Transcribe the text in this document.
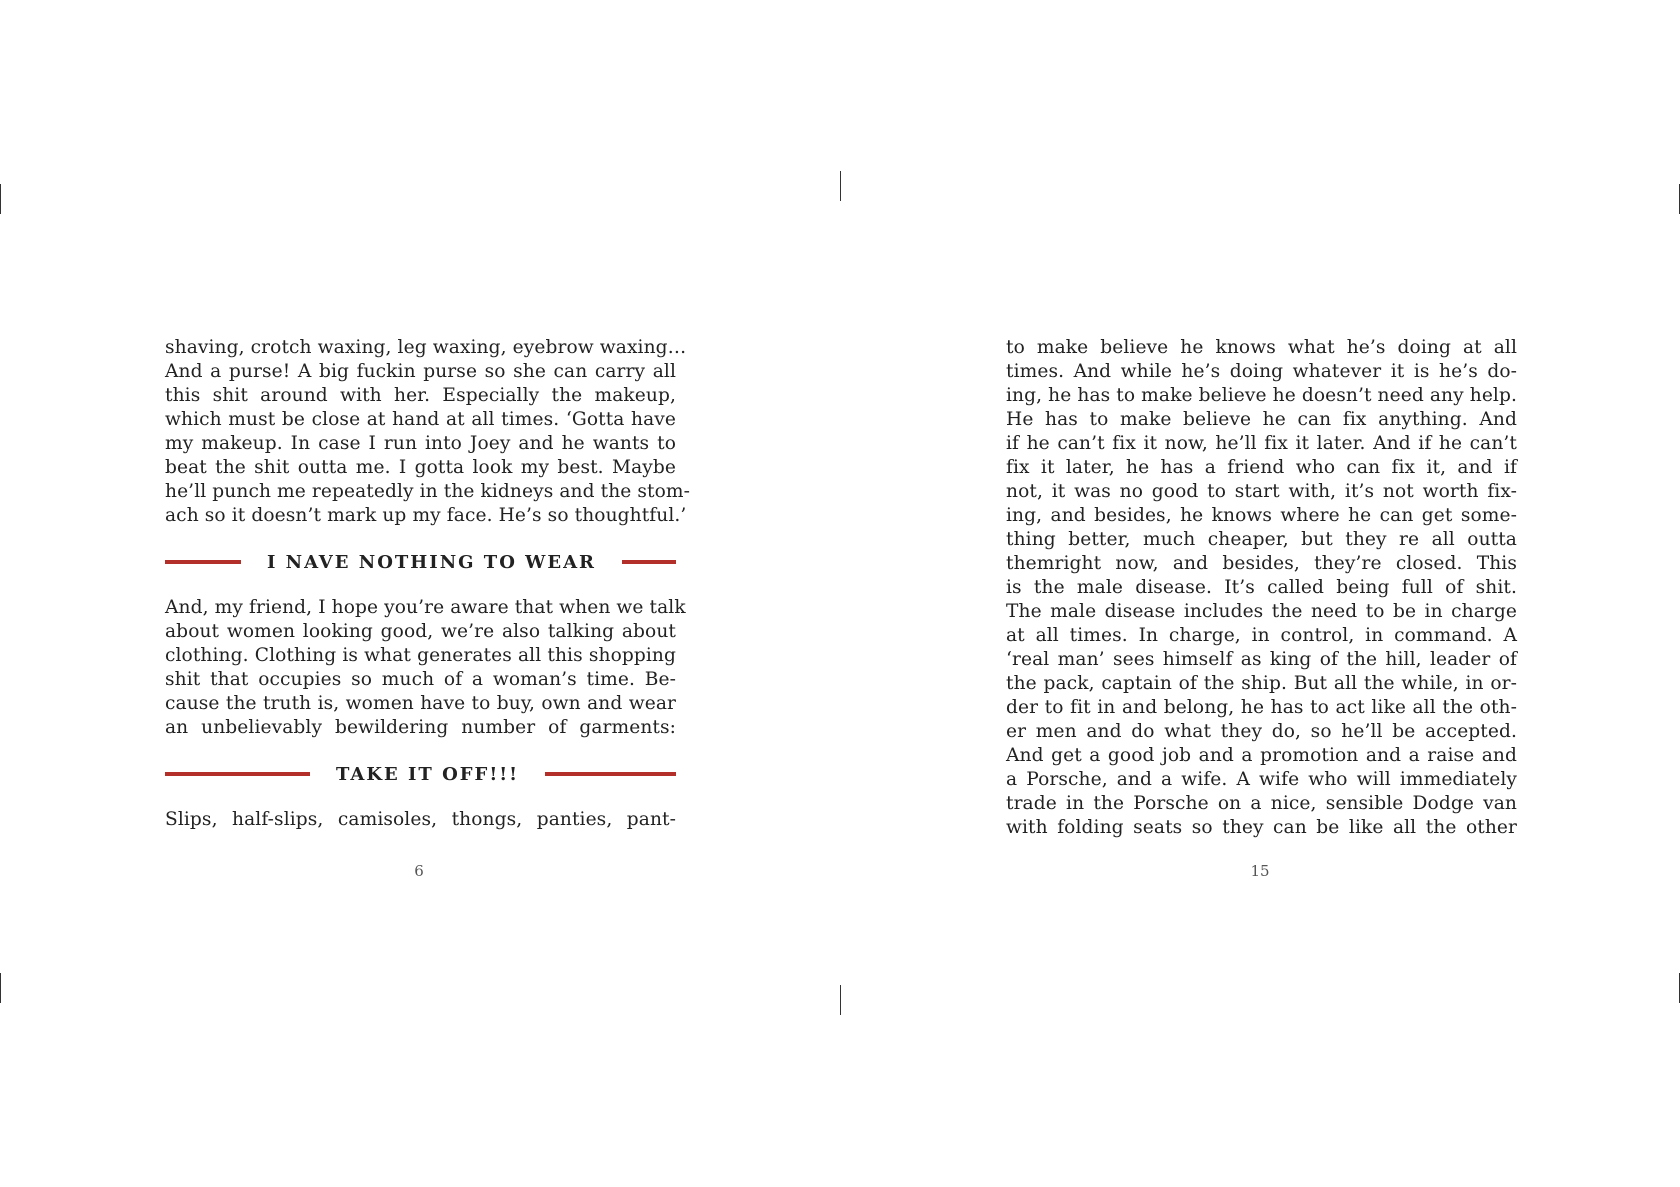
shaving, crotch waxing, leg waxing, eyebrow waxing…
And a purse! A big fuckin purse so she can carry all
this shit around with her. Especially the makeup,
which must be close at hand at all times. ‘Gotta have
my makeup. In case I run into Joey and he wants to
beat the shit outta me. I gotta look my best. Maybe
he’ll punch me repeatedly in the kidneys and the stom-
ach so it doesn’t mark up my face. He’s so thoughtful.’
I NAVE NOTHING TO WEAR
And, my friend, I hope you’re aware that when we talk
about women looking good, we’re also talking about
clothing. Clothing is what generates all this shopping
shit that occupies so much of a woman’s time. Be-
cause the truth is, women have to buy, own and wear
an unbelievably bewildering number of garments:
TAKE IT OFF!!!
Slips, half-slips, camisoles, thongs, panties, pant-
6
to make believe he knows what he’s doing at all
times. And while he’s doing whatever it is he’s do-
ing, he has to make believe he doesn’t need any help.
He has to make believe he can fix anything. And
if he can’t fix it now, he’ll fix it later. And if he can’t
fix it later, he has a friend who can fix it, and if
not, it was no good to start with, it’s not worth fix-
ing, and besides, he knows where he can get some-
thing better, much cheaper, but they re all outta
themright now, and besides, they’re closed. This
is the male disease. It’s called being full of shit.
The male disease includes the need to be in charge
at all times. In charge, in control, in command. A
‘real man’ sees himself as king of the hill, leader of
the pack, captain of the ship. But all the while, in or-
der to fit in and belong, he has to act like all the oth-
er men and do what they do, so he’ll be accepted.
And get a good job and a promotion and a raise and
a Porsche, and a wife. A wife who will immediately
trade in the Porsche on a nice, sensible Dodge van
with folding seats so they can be like all the other
15
